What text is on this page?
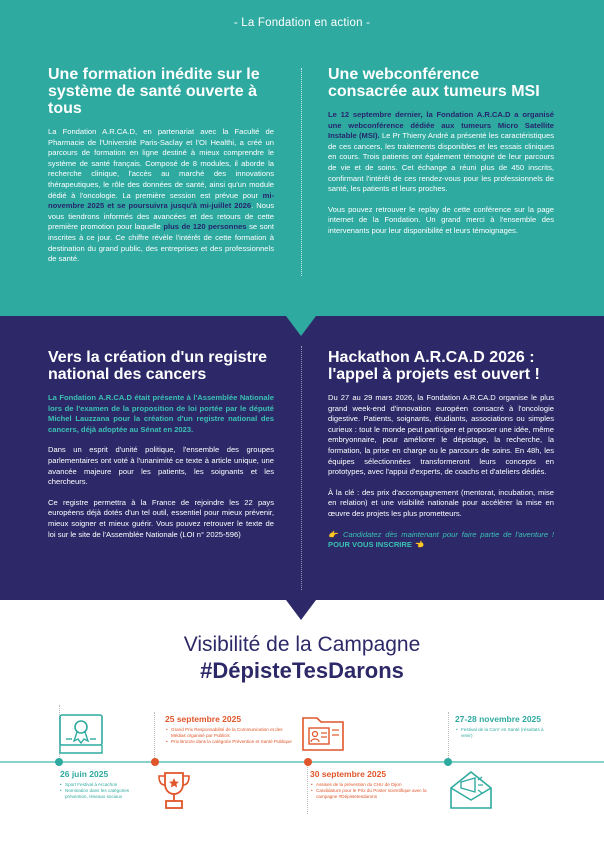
- La Fondation en action -
Une formation inédite sur le système de santé ouverte à tous

La Fondation A.R.CA.D, en partenariat avec la Faculté de Pharmacie de l'Université Paris-Saclay et l'OI Healthi, a créé un parcours de formation en ligne destiné à mieux comprendre le système de santé français. Composé de 8 modules, il aborde la recherche clinique, l'accès au marché des innovations thérapeutiques, le rôle des données de santé, ainsi qu'un module dédié à l'oncologie. La première session est prévue pour mi-novembre 2025 et se poursuivra jusqu'à mi-juillet 2026. Nous vous tiendrons informés des avancées et des retours de cette première promotion pour laquelle plus de 120 personnes se sont inscrites à ce jour. Ce chiffre révèle l'intérêt de cette formation à destination du grand public, des entreprises et des professionnels de santé.

Une webconférence consacrée aux tumeurs MSI

Le 12 septembre dernier, la Fondation A.R.CA.D a organisé une webconférence dédiée aux tumeurs Micro Satellite Instable (MSI). Le Pr Thierry André a présenté les caractéristiques de ces cancers, les traitements disponibles et les essais cliniques en cours. Trois patients ont également témoigné de leur parcours de vie et de soins. Cet échange a réuni plus de 450 inscrits, confirmant l'intérêt de ces rendez-vous pour les professionnels de santé, les patients et leurs proches.

Vous pouvez retrouver le replay de cette conférence sur la page internet de la Fondation. Un grand merci à l'ensemble des intervenants pour leur disponibilité et leurs témoignages.

Vers la création d'un registre national des cancers

La Fondation A.R.CA.D était présente à l'Assemblée Nationale lors de l'examen de la proposition de loi portée par le député Michel Lauzzana pour la création d'un registre national des cancers, déjà adoptée au Sénat en 2023.

Dans un esprit d'unité politique, l'ensemble des groupes parlementaires ont voté à l'unanimité ce texte à article unique, une avancée majeure pour les patients, les soignants et les chercheurs.

Ce registre permettra à la France de rejoindre les 22 pays européens déjà dotés d'un tel outil, essentiel pour mieux prévenir, mieux soigner et mieux guérir. Vous pouvez retrouver le texte de loi sur le site de l'Assemblée Nationale (LOI n° 2025-596)

Hackathon A.R.CA.D 2026 : l'appel à projets est ouvert !

Du 27 au 29 mars 2026, la Fondation A.R.CA.D organise le plus grand week-end d'innovation européen consacré à l'oncologie digestive. Patients, soignants, étudiants, associations ou simples curieux : tout le monde peut participer et proposer une idée, même embryonnaire, pour améliorer le dépistage, la recherche, la formation, la prise en charge ou le parcours de soins. En 48h, les équipes sélectionnées transformeront leurs concepts en prototypes, avec l'appui d'experts, de coachs et d'ateliers dédiés.

À la clé : des prix d'accompagnement (mentorat, incubation, mise en relation) et une visibilité nationale pour accélérer la mise en œuvre des projets les plus prometteurs.

👉 Candidatez dès maintenant pour faire partie de l'aventure ! POUR VOUS INSCRIRE 👈

Visibilité de la Campagne
#DépisteTesDarons
26 juin 2025
• Sport Festival à Arcachon
• Nomination dans les catégories prévention, réseaux sociaux
25 septembre 2025
• Grand Prix Responsabilité de la Communication et des Médias organisé par Publicis
• Prix Bronze dans la catégorie Prévention et Santé Publique
30 septembre 2025
• Assises de la prévention du CHU de Dijon
• Candidature pour le Prix du Poster scientifique avec la campagne #Dépistetesdarons
27-28 novembre 2025
• Festival de la Com' en Santé (résultats à venir)
